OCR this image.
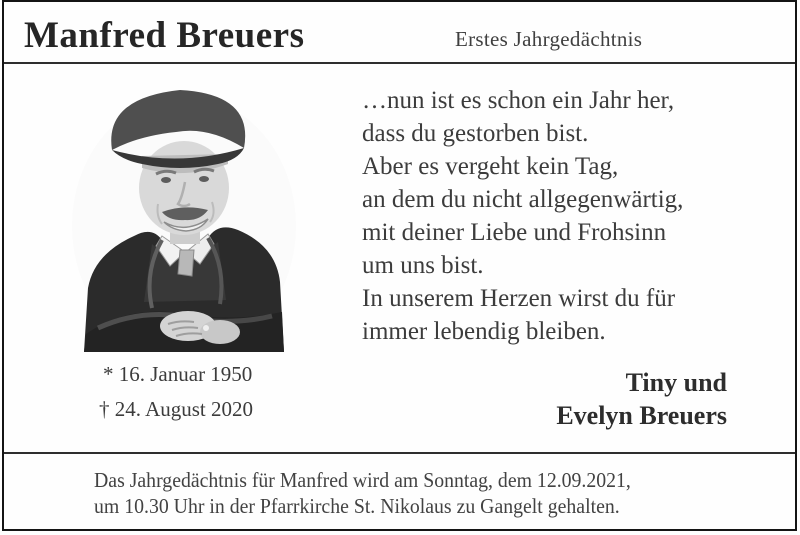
Manfred Breuers	Erstes Jahrgedächtnis
…nun ist es schon ein Jahr her,
dass du gestorben bist.
Aber es vergeht kein Tag,
an dem du nicht allgegenwärtig,
mit deiner Liebe und Frohsinn
um uns bist.
In unserem Herzen wirst du für
immer lebendig bleiben.
* 16. Januar 1950
† 24. August 2020
Tiny und
Evelyn Breuers
Das Jahrgedächtnis für Manfred wird am Sonntag, dem 12.09.2021,
um 10.30 Uhr in der Pfarrkirche St. Nikolaus zu Gangelt gehalten.
